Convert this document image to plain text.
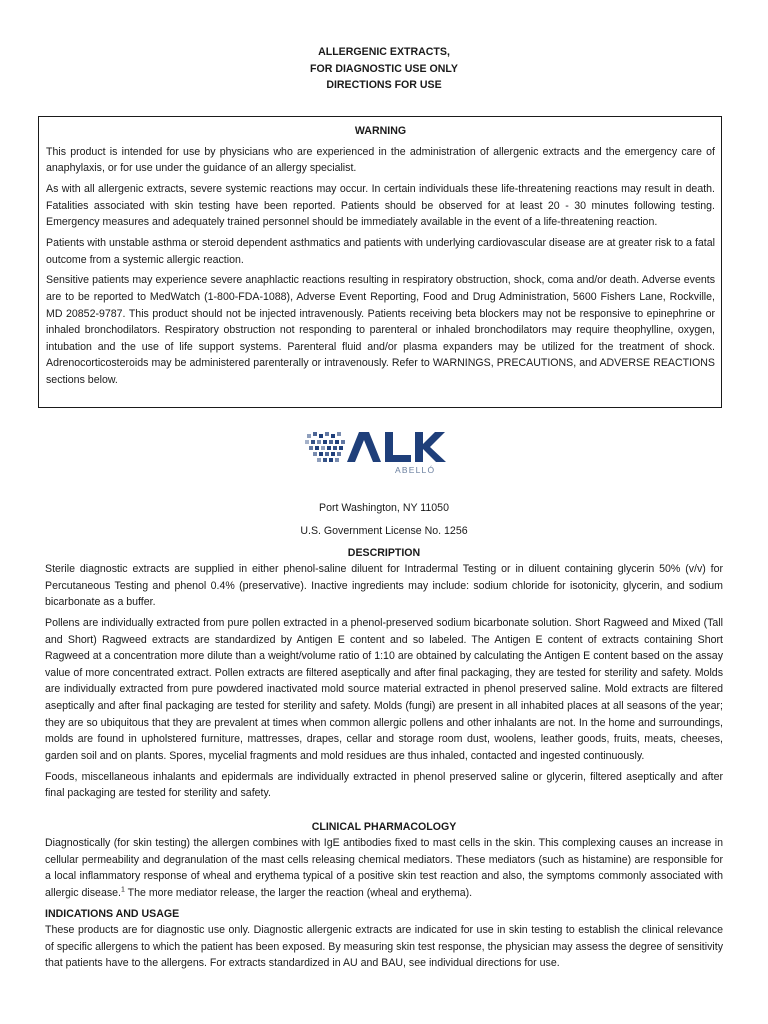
ALLERGENIC EXTRACTS,
FOR DIAGNOSTIC USE ONLY
DIRECTIONS FOR USE
WARNING

This product is intended for use by physicians who are experienced in the administration of allergenic extracts and the emergency care of anaphylaxis, or for use under the guidance of an allergy specialist.

As with all allergenic extracts, severe systemic reactions may occur. In certain individuals these life-threatening reactions may result in death. Fatalities associated with skin testing have been reported. Patients should be observed for at least 20 - 30 minutes following testing. Emergency measures and adequately trained personnel should be immediately available in the event of a life-threatening reaction.

Patients with unstable asthma or steroid dependent asthmatics and patients with underlying cardiovascular disease are at greater risk to a fatal outcome from a systemic allergic reaction.

Sensitive patients may experience severe anaphlactic reactions resulting in respiratory obstruction, shock, coma and/or death. Adverse events are to be reported to MedWatch (1-800-FDA-1088), Adverse Event Reporting, Food and Drug Administration, 5600 Fishers Lane, Rockville, MD 20852-9787. This product should not be injected intravenously. Patients receiving beta blockers may not be responsive to epinephrine or inhaled bronchodilators. Respiratory obstruction not responding to parenteral or inhaled bronchodilators may require theophylline, oxygen, intubation and the use of life support systems. Parenteral fluid and/or plasma expanders may be utilized for the treatment of shock. Adrenocorticosteroids may be administered parenterally or intravenously. Refer to WARNINGS, PRECAUTIONS, and ADVERSE REACTIONS sections below.

ABELLÓ
Port Washington, NY 11050
U.S. Government License No. 1256
DESCRIPTION

Sterile diagnostic extracts are supplied in either phenol-saline diluent for Intradermal Testing or in diluent containing glycerin 50% (v/v) for Percutaneous Testing and phenol 0.4% (preservative). Inactive ingredients may include: sodium chloride for isotonicity, glycerin, and sodium bicarbonate as a buffer.

Pollens are individually extracted from pure pollen extracted in a phenol-preserved sodium bicarbonate solution. Short Ragweed and Mixed (Tall and Short) Ragweed extracts are standardized by Antigen E content and so labeled. The Antigen E content of extracts containing Short Ragweed at a concentration more dilute than a weight/volume ratio of 1:10 are obtained by calculating the Antigen E content based on the assay value of more concentrated extract. Pollen extracts are filtered aseptically and after final packaging, they are tested for sterility and safety. Molds are individually extracted from pure powdered inactivated mold source material extracted in phenol preserved saline. Mold extracts are filtered aseptically and after final packaging are tested for sterility and safety. Molds (fungi) are present in all inhabited places at all seasons of the year; they are so ubiquitous that they are prevalent at times when common allergic pollens and other inhalants are not. In the home and surroundings, molds are found in upholstered furniture, mattresses, drapes, cellar and storage room dust, woolens, leather goods, fruits, meats, cheeses, garden soil and on plants. Spores, mycelial fragments and mold residues are thus inhaled, contacted and ingested continuously.

Foods, miscellaneous inhalants and epidermals are individually extracted in phenol preserved saline or glycerin, filtered aseptically and after final packaging are tested for sterility and safety.

CLINICAL PHARMACOLOGY

Diagnostically (for skin testing) the allergen combines with IgE antibodies fixed to mast cells in the skin. This complexing causes an increase in cellular permeability and degranulation of the mast cells releasing chemical mediators. These mediators (such as histamine) are responsible for a local inflammatory response of wheal and erythema typical of a positive skin test reaction and also, the symptoms commonly associated with allergic disease.$^1$ The more mediator release, the larger the reaction (wheal and erythema).

INDICATIONS AND USAGE

These products are for diagnostic use only. Diagnostic allergenic extracts are indicated for use in skin testing to establish the clinical relevance of specific allergens to which the patient has been exposed. By measuring skin test response, the physician may assess the degree of sensitivity that patients have to the allergens. For extracts standardized in AU and BAU, see individual directions for use.
